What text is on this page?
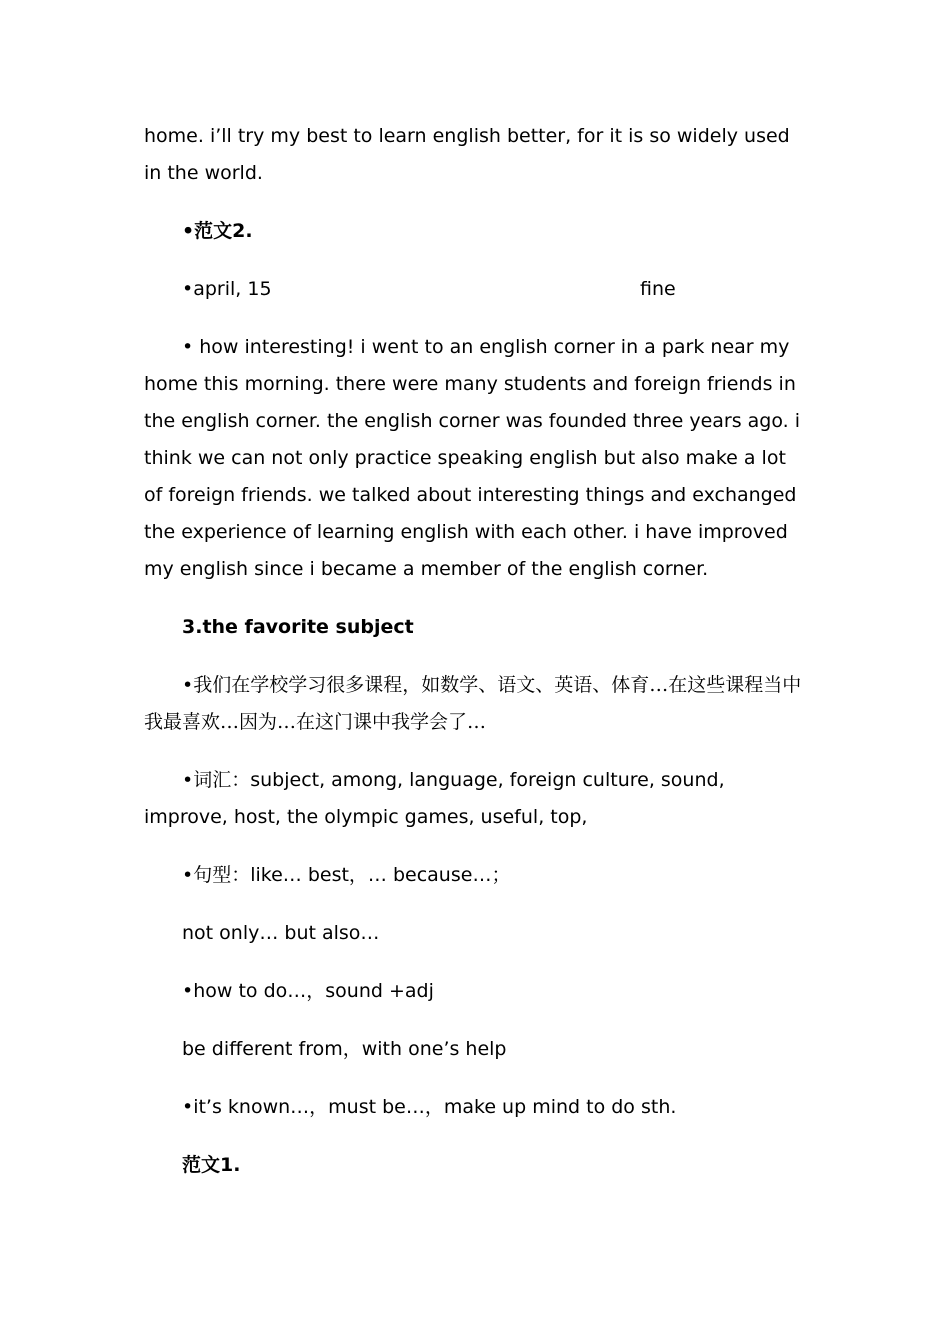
home. i’ll try my best to learn english better, for it is so widely used in the world.

•范文2.

•april, 15	fine

• how interesting! i went to an english corner in a park near my home this morning. there were many students and foreign friends in the english corner. the english corner was founded three years ago. i think we can not only practice speaking english but also make a lot of foreign friends. we talked about interesting things and exchanged the experience of learning english with each other. i have improved my english since i became a member of the english corner.

3.the favorite subject

•我们在学校学习很多课程，如数学、语文、英语、体育…在这些课程当中我最喜欢…因为…在这门课中我学会了…

•词汇：subject, among, language, foreign culture, sound, improve, host, the olympic games, useful, top,

•句型：like… best，… because…；

not only… but also…

•how to do…，sound +adj

be different from，with one’s help

•it’s known…，must be…，make up mind to do sth.

范文1.
